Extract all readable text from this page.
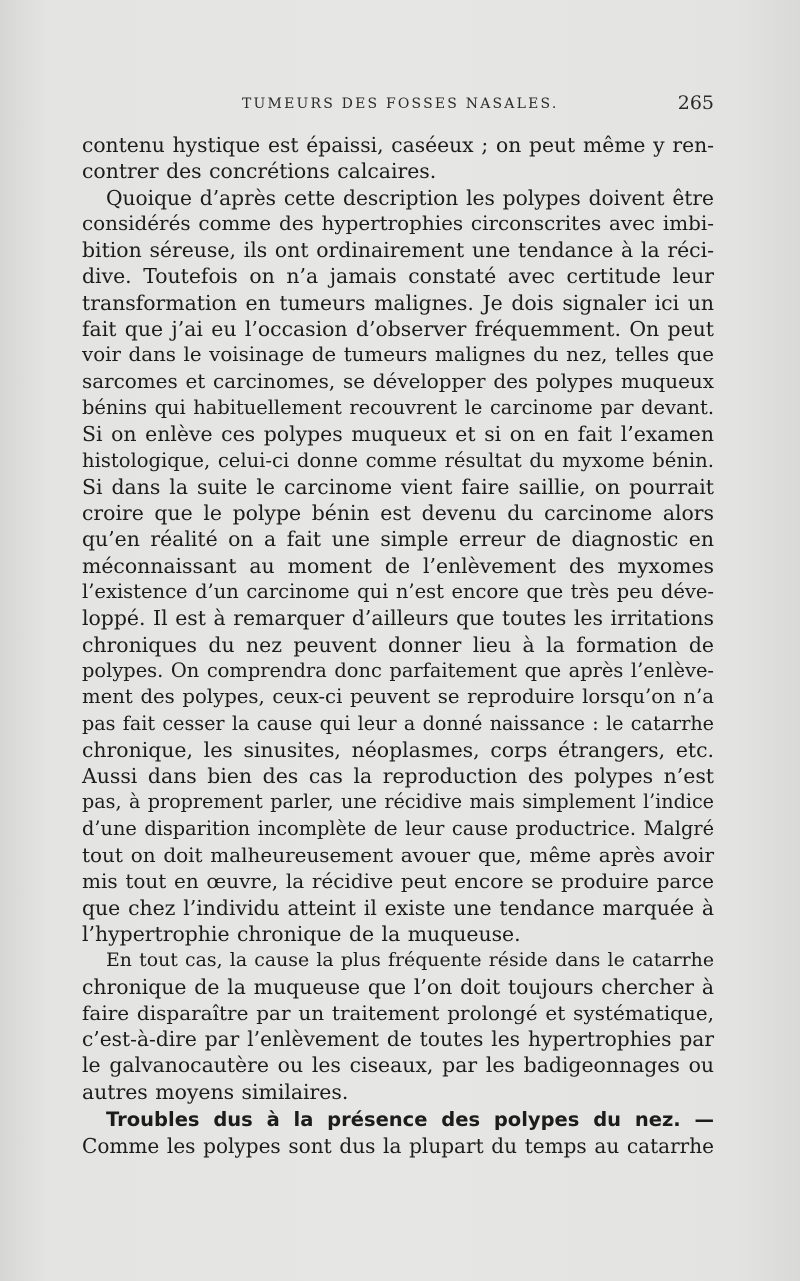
TUMEURS DES FOSSES NASALES.	265

contenu hystique est épaissi, caséeux ; on peut même y ren-
contrer des concrétions calcaires.

Quoique d’après cette description les polypes doivent être
considérés comme des hypertrophies circonscrites avec imbi-
bition séreuse, ils ont ordinairement une tendance à la réci-
dive. Toutefois on n’a jamais constaté avec certitude leur
transformation en tumeurs malignes. Je dois signaler ici un
fait que j’ai eu l’occasion d’observer fréquemment. On peut
voir dans le voisinage de tumeurs malignes du nez, telles que
sarcomes et carcinomes, se développer des polypes muqueux
bénins qui habituellement recouvrent le carcinome par devant.
Si on enlève ces polypes muqueux et si on en fait l’examen
histologique, celui-ci donne comme résultat du myxome bénin.
Si dans la suite le carcinome vient faire saillie, on pourrait
croire que le polype bénin est devenu du carcinome alors
qu’en réalité on a fait une simple erreur de diagnostic en
méconnaissant au moment de l’enlèvement des myxomes
l’existence d’un carcinome qui n’est encore que très peu déve-
loppé. Il est à remarquer d’ailleurs que toutes les irritations
chroniques du nez peuvent donner lieu à la formation de
polypes. On comprendra donc parfaitement que après l’enlève-
ment des polypes, ceux-ci peuvent se reproduire lorsqu’on n’a
pas fait cesser la cause qui leur a donné naissance : le catarrhe
chronique, les sinusites, néoplasmes, corps étrangers, etc.
Aussi dans bien des cas la reproduction des polypes n’est
pas, à proprement parler, une récidive mais simplement l’indice
d’une disparition incomplète de leur cause productrice. Malgré
tout on doit malheureusement avouer que, même après avoir
mis tout en œuvre, la récidive peut encore se produire parce
que chez l’individu atteint il existe une tendance marquée à
l’hypertrophie chronique de la muqueuse.

En tout cas, la cause la plus fréquente réside dans le catarrhe
chronique de la muqueuse que l’on doit toujours chercher à
faire disparaître par un traitement prolongé et systématique,
c’est-à-dire par l’enlèvement de toutes les hypertrophies par
le galvanocautère ou les ciseaux, par les badigeonnages ou
autres moyens similaires.

Troubles dus à la présence des polypes du nez. —
Comme les polypes sont dus la plupart du temps au catarrhe
